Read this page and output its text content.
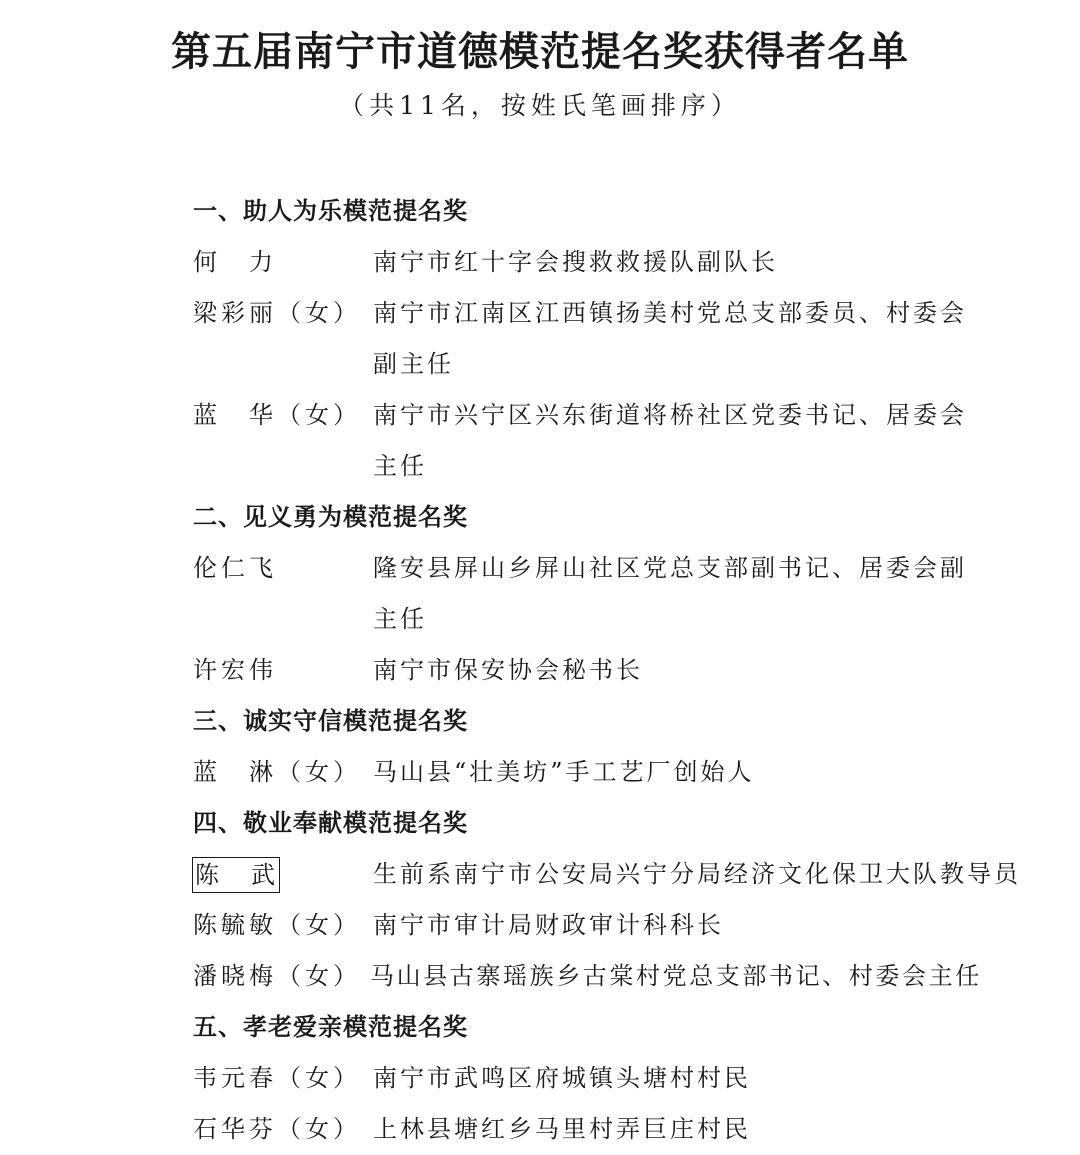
第五届南宁市道德模范提名奖获得者名单

（共11名，按姓氏笔画排序）

一、助人为乐模范提名奖
何　力	南宁市红十字会搜救救援队副队长
梁彩丽（女） 南宁市江南区江西镇扬美村党总支部委员、村委会
副主任
蓝　华（女） 南宁市兴宁区兴东街道将桥社区党委书记、居委会
主任
二、见义勇为模范提名奖
伦仁飞	隆安县屏山乡屏山社区党总支部副书记、居委会副
主任
许宏伟	南宁市保安协会秘书长
三、诚实守信模范提名奖
蓝　淋（女） 马山县“壮美坊”手工艺厂创始人
四、敬业奉献模范提名奖
陈　武	生前系南宁市公安局兴宁分局经济文化保卫大队教导员
陈毓敏（女） 南宁市审计局财政审计科科长
潘晓梅（女） 马山县古寨瑶族乡古棠村党总支部书记、村委会主任
五、孝老爱亲模范提名奖
韦元春（女） 南宁市武鸣区府城镇头塘村村民
石华芬（女） 上林县塘红乡马里村弄巨庄村民
